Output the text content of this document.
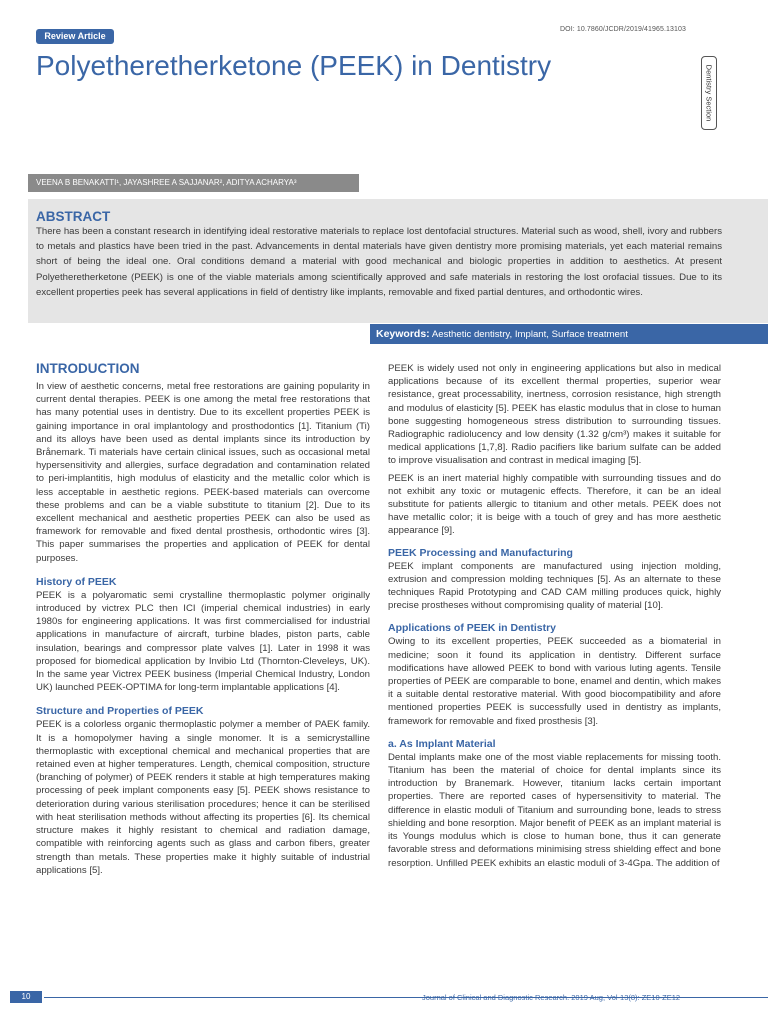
Review Article
DOI: 10.7860/JCDR/2019/41965.13103
Polyetheretherketone (PEEK) in Dentistry	Dentistry Section
VEENA B BENAKATTI¹, JAYASHREE A SAJJANAR², ADITYA ACHARYA³
ABSTRACT
There has been a constant research in identifying ideal restorative materials to replace lost dentofacial structures. Material such as wood, shell, ivory and rubbers to metals and plastics have been tried in the past. Advancements in dental materials have given dentistry more promising materials, yet each material remains short of being the ideal one. Oral conditions demand a material with good mechanical and biologic properties in addition to aesthetics. At present Polyetheretherketone (PEEK) is one of the viable materials among scientifically approved and safe materials in restoring the lost orofacial tissues. Due to its excellent properties peek has several applications in field of dentistry like implants, removable and fixed partial dentures, and orthodontic wires.
Keywords: Aesthetic dentistry, Implant, Surface treatment
INTRODUCTION

In view of aesthetic concerns, metal free restorations are gaining popularity in current dental therapies. PEEK is one among the metal free restorations that has many potential uses in dentistry. Due to its excellent properties PEEK is gaining importance in oral implantology and prosthodontics [1]. Titanium (Ti) and its alloys have been used as dental implants since its introduction by Brånemark. Ti materials have certain clinical issues, such as occasional metal hypersensitivity and allergies, surface degradation and contamination related to peri-implantitis, high modulus of elasticity and the metallic color which is less acceptable in aesthetic regions. PEEK-based materials can overcome these problems and can be a viable substitute to titanium [2]. Due to its excellent mechanical and aesthetic properties PEEK can also be used as framework for removable and fixed dental prosthesis, orthodontic wires [3]. This paper summarises the properties and application of PEEK for dental purposes.

History of PEEK

PEEK is a polyaromatic semi crystalline thermoplastic polymer originally introduced by victrex PLC then ICI (imperial chemical industries) in early 1980s for engineering applications. It was first commercialised for industrial applications in manufacture of aircraft, turbine blades, piston parts, cable insulation, bearings and compressor plate valves [1]. Later in 1998 it was proposed for biomedical application by Invibio Ltd (Thornton-Cleveleys, UK). In the same year Victrex PEEK business (Imperial Chemical Industry, London UK) launched PEEK-OPTIMA for long-term implantable applications [4].

Structure and Properties of PEEK

PEEK is a colorless organic thermoplastic polymer a member of PAEK family. It is a homopolymer having a single monomer. It is a semicrystalline thermoplastic with exceptional chemical and mechanical properties that are retained even at higher temperatures. Length, chemical composition, structure (branching of polymer) of PEEK renders it stable at high temperatures making processing of peek implant components easy [5]. PEEK shows resistance to deterioration during various sterilisation procedures; hence it can be sterilised with heat sterilisation methods without affecting its properties [6]. Its chemical structure makes it highly resistant to chemical and radiation damage, compatible with reinforcing agents such as glass and carbon fibers, greater strength than metals. These properties make it highly suitable of industrial applications [5].

PEEK is widely used not only in engineering applications but also in medical applications because of its excellent thermal properties, superior wear resistance, great processability, inertness, corrosion resistance, high strength and modulus of elasticity [5]. PEEK has elastic modulus that in close to human bone suggesting homogeneous stress distribution to surrounding tissues. Radiographic radiolucency and low density (1.32 g/cm³) makes it suitable for medical applications [1,7,8]. Radio pacifiers like barium sulfate can be added to improve visualisation and contrast in medical imaging [5].

PEEK is an inert material highly compatible with surrounding tissues and do not exhibit any toxic or mutagenic effects. Therefore, it can be an ideal substitute for patients allergic to titanium and other metals. PEEK does not have metallic color; it is beige with a touch of grey and has more aesthetic appearance [9].

PEEK Processing and Manufacturing

PEEK implant components are manufactured using injection molding, extrusion and compression molding techniques [5]. As an alternate to these techniques Rapid Prototyping and CAD CAM milling produces quick, highly precise prostheses without compromising quality of material [10].

Applications of PEEK in Dentistry

Owing to its excellent properties, PEEK succeeded as a biomaterial in medicine; soon it found its application in dentistry. Different surface modifications have allowed PEEK to bond with various luting agents. Tensile properties of PEEK are comparable to bone, enamel and dentin, which makes it a suitable dental restorative material. With good biocompatibility and afore mentioned properties PEEK is successfully used in dentistry as implants, framework for removable and fixed prosthesis [3].

a. As Implant Material

Dental implants make one of the most viable replacements for missing tooth. Titanium has been the material of choice for dental implants since its introduction by Branemark. However, titanium lacks certain important properties. There are reported cases of hypersensitivity to material. The difference in elastic moduli of Titanium and surrounding bone, leads to stress shielding and bone resorption. Major benefit of PEEK as an implant material is its Youngs modulus which is close to human bone, thus it can generate favorable stress and deformations minimising stress shielding effect and bone resorption. Unfilled PEEK exhibits an elastic moduli of 3-4Gpa. The addition of

10	Journal of Clinical and Diagnostic Research. 2019 Aug, Vol-13(8): ZE10-ZE12
